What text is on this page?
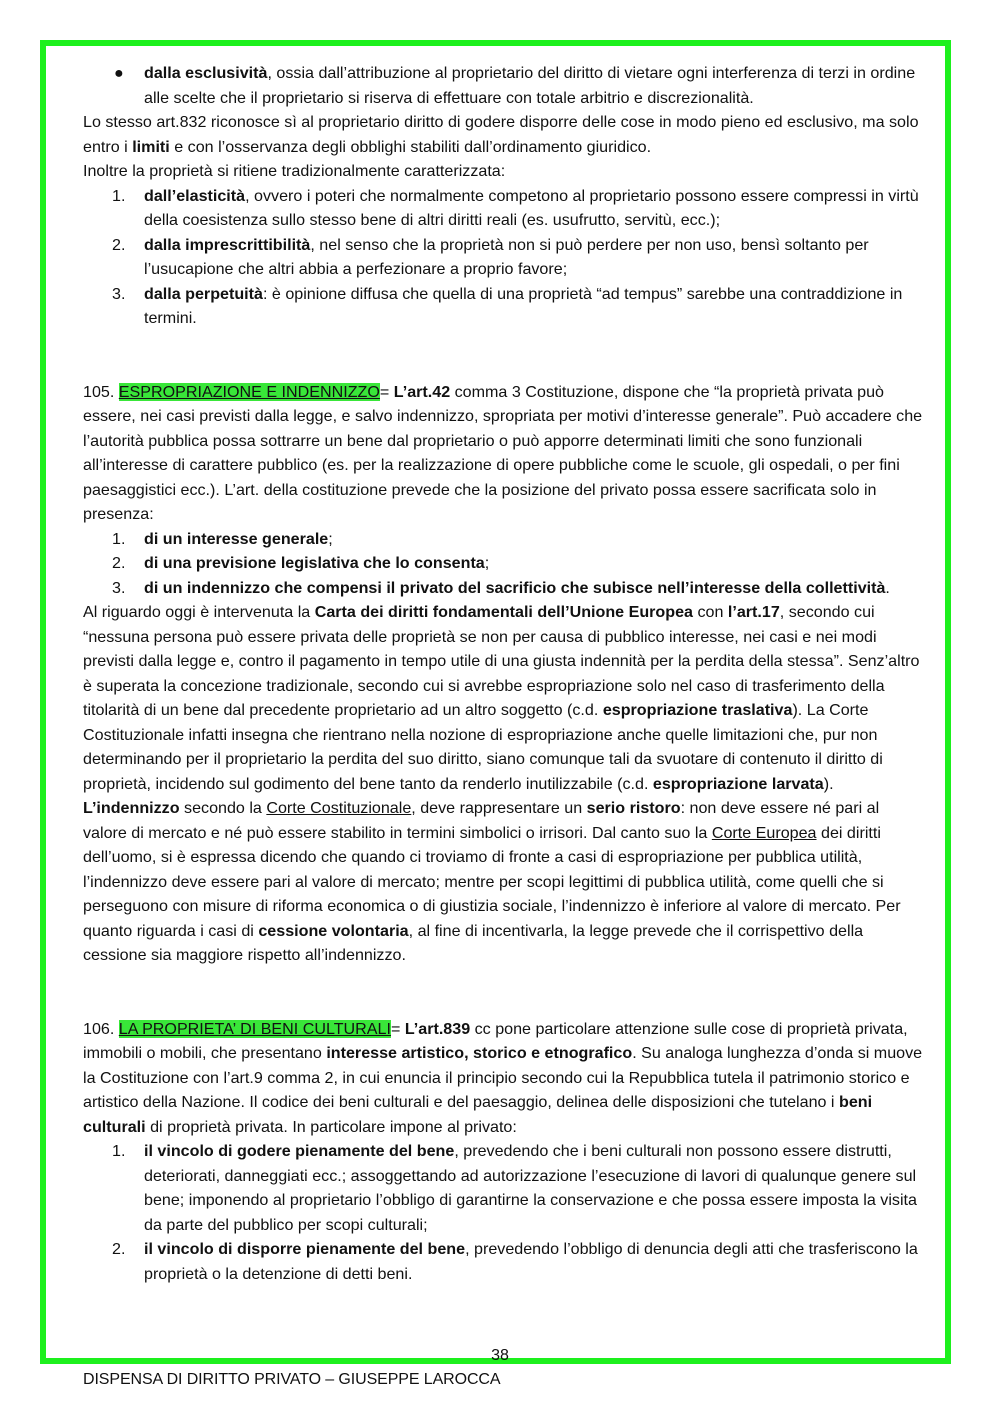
● dalla esclusività, ossia dall’attribuzione al proprietario del diritto di vietare ogni interferenza di terzi in ordine alle scelte che il proprietario si riserva di effettuare con totale arbitrio e discrezionalità.

Lo stesso art.832 riconosce sì al proprietario diritto di godere disporre delle cose in modo pieno ed esclusivo, ma solo entro i limiti e con l’osservanza degli obblighi stabiliti dall’ordinamento giuridico.

Inoltre la proprietà si ritiene tradizionalmente caratterizzata:

1. dall’elasticità, ovvero i poteri che normalmente competono al proprietario possono essere compressi in virtù della coesistenza sullo stesso bene di altri diritti reali (es. usufrutto, servitù, ecc.);
2. dalla imprescrittibilità, nel senso che la proprietà non si può perdere per non uso, bensì soltanto per l’usucapione che altri abbia a perfezionare a proprio favore;
3. dalla perpetuità: è opinione diffusa che quella di una proprietà “ad tempus” sarebbe una contraddizione in termini.

105. ESPROPRIAZIONE E INDENNIZZO= L’art.42 comma 3 Costituzione, dispone che “la proprietà privata può essere, nei casi previsti dalla legge, e salvo indennizzo, spropriata per motivi d’interesse generale”. Può accadere che l’autorità pubblica possa sottrarre un bene dal proprietario o può apporre determinati limiti che sono funzionali all’interesse di carattere pubblico (es. per la realizzazione di opere pubbliche come le scuole, gli ospedali, o per fini paesaggistici ecc.). L’art. della costituzione prevede che la posizione del privato possa essere sacrificata solo in presenza:

1. di un interesse generale;
2. di una previsione legislativa che lo consenta;
3. di un indennizzo che compensi il privato del sacrificio che subisce nell’interesse della collettività.

Al riguardo oggi è intervenuta la Carta dei diritti fondamentali dell’Unione Europea con l’art.17, secondo cui “nessuna persona può essere privata delle proprietà se non per causa di pubblico interesse, nei casi e nei modi previsti dalla legge e, contro il pagamento in tempo utile di una giusta indennità per la perdita della stessa”. Senz’altro è superata la concezione tradizionale, secondo cui si avrebbe espropriazione solo nel caso di trasferimento della titolarità di un bene dal precedente proprietario ad un altro soggetto (c.d. espropriazione traslativa). La Corte Costituzionale infatti insegna che rientrano nella nozione di espropriazione anche quelle limitazioni che, pur non determinando per il proprietario la perdita del suo diritto, siano comunque tali da svuotare di contenuto il diritto di proprietà, incidendo sul godimento del bene tanto da renderlo inutilizzabile (c.d. espropriazione larvata).

L’indennizzo secondo la Corte Costituzionale, deve rappresentare un serio ristoro: non deve essere né pari al valore di mercato e né può essere stabilito in termini simbolici o irrisori. Dal canto suo la Corte Europea dei diritti dell’uomo, si è espressa dicendo che quando ci troviamo di fronte a casi di espropriazione per pubblica utilità, l’indennizzo deve essere pari al valore di mercato; mentre per scopi legittimi di pubblica utilità, come quelli che si perseguono con misure di riforma economica o di giustizia sociale, l’indennizzo è inferiore al valore di mercato. Per quanto riguarda i casi di cessione volontaria, al fine di incentivarla, la legge prevede che il corrispettivo della cessione sia maggiore rispetto all’indennizzo.

106. LA PROPRIETA’ DI BENI CULTURALI= L’art.839 cc pone particolare attenzione sulle cose di proprietà privata, immobili o mobili, che presentano interesse artistico, storico e etnografico. Su analoga lunghezza d’onda si muove la Costituzione con l’art.9 comma 2, in cui enuncia il principio secondo cui la Repubblica tutela il patrimonio storico e artistico della Nazione. Il codice dei beni culturali e del paesaggio, delinea delle disposizioni che tutelano i beni culturali di proprietà privata. In particolare impone al privato:

1. il vincolo di godere pienamente del bene, prevedendo che i beni culturali non possono essere distrutti, deteriorati, danneggiati ecc.; assoggettando ad autorizzazione l’esecuzione di lavori di qualunque genere sul bene; imponendo al proprietario l’obbligo di garantirne la conservazione e che possa essere imposta la visita da parte del pubblico per scopi culturali;
2. il vincolo di disporre pienamente del bene, prevedendo l’obbligo di denuncia degli atti che trasferiscono la proprietà o la detenzione di detti beni.
38
DISPENSA DI DIRITTO PRIVATO – GIUSEPPE LAROCCA
